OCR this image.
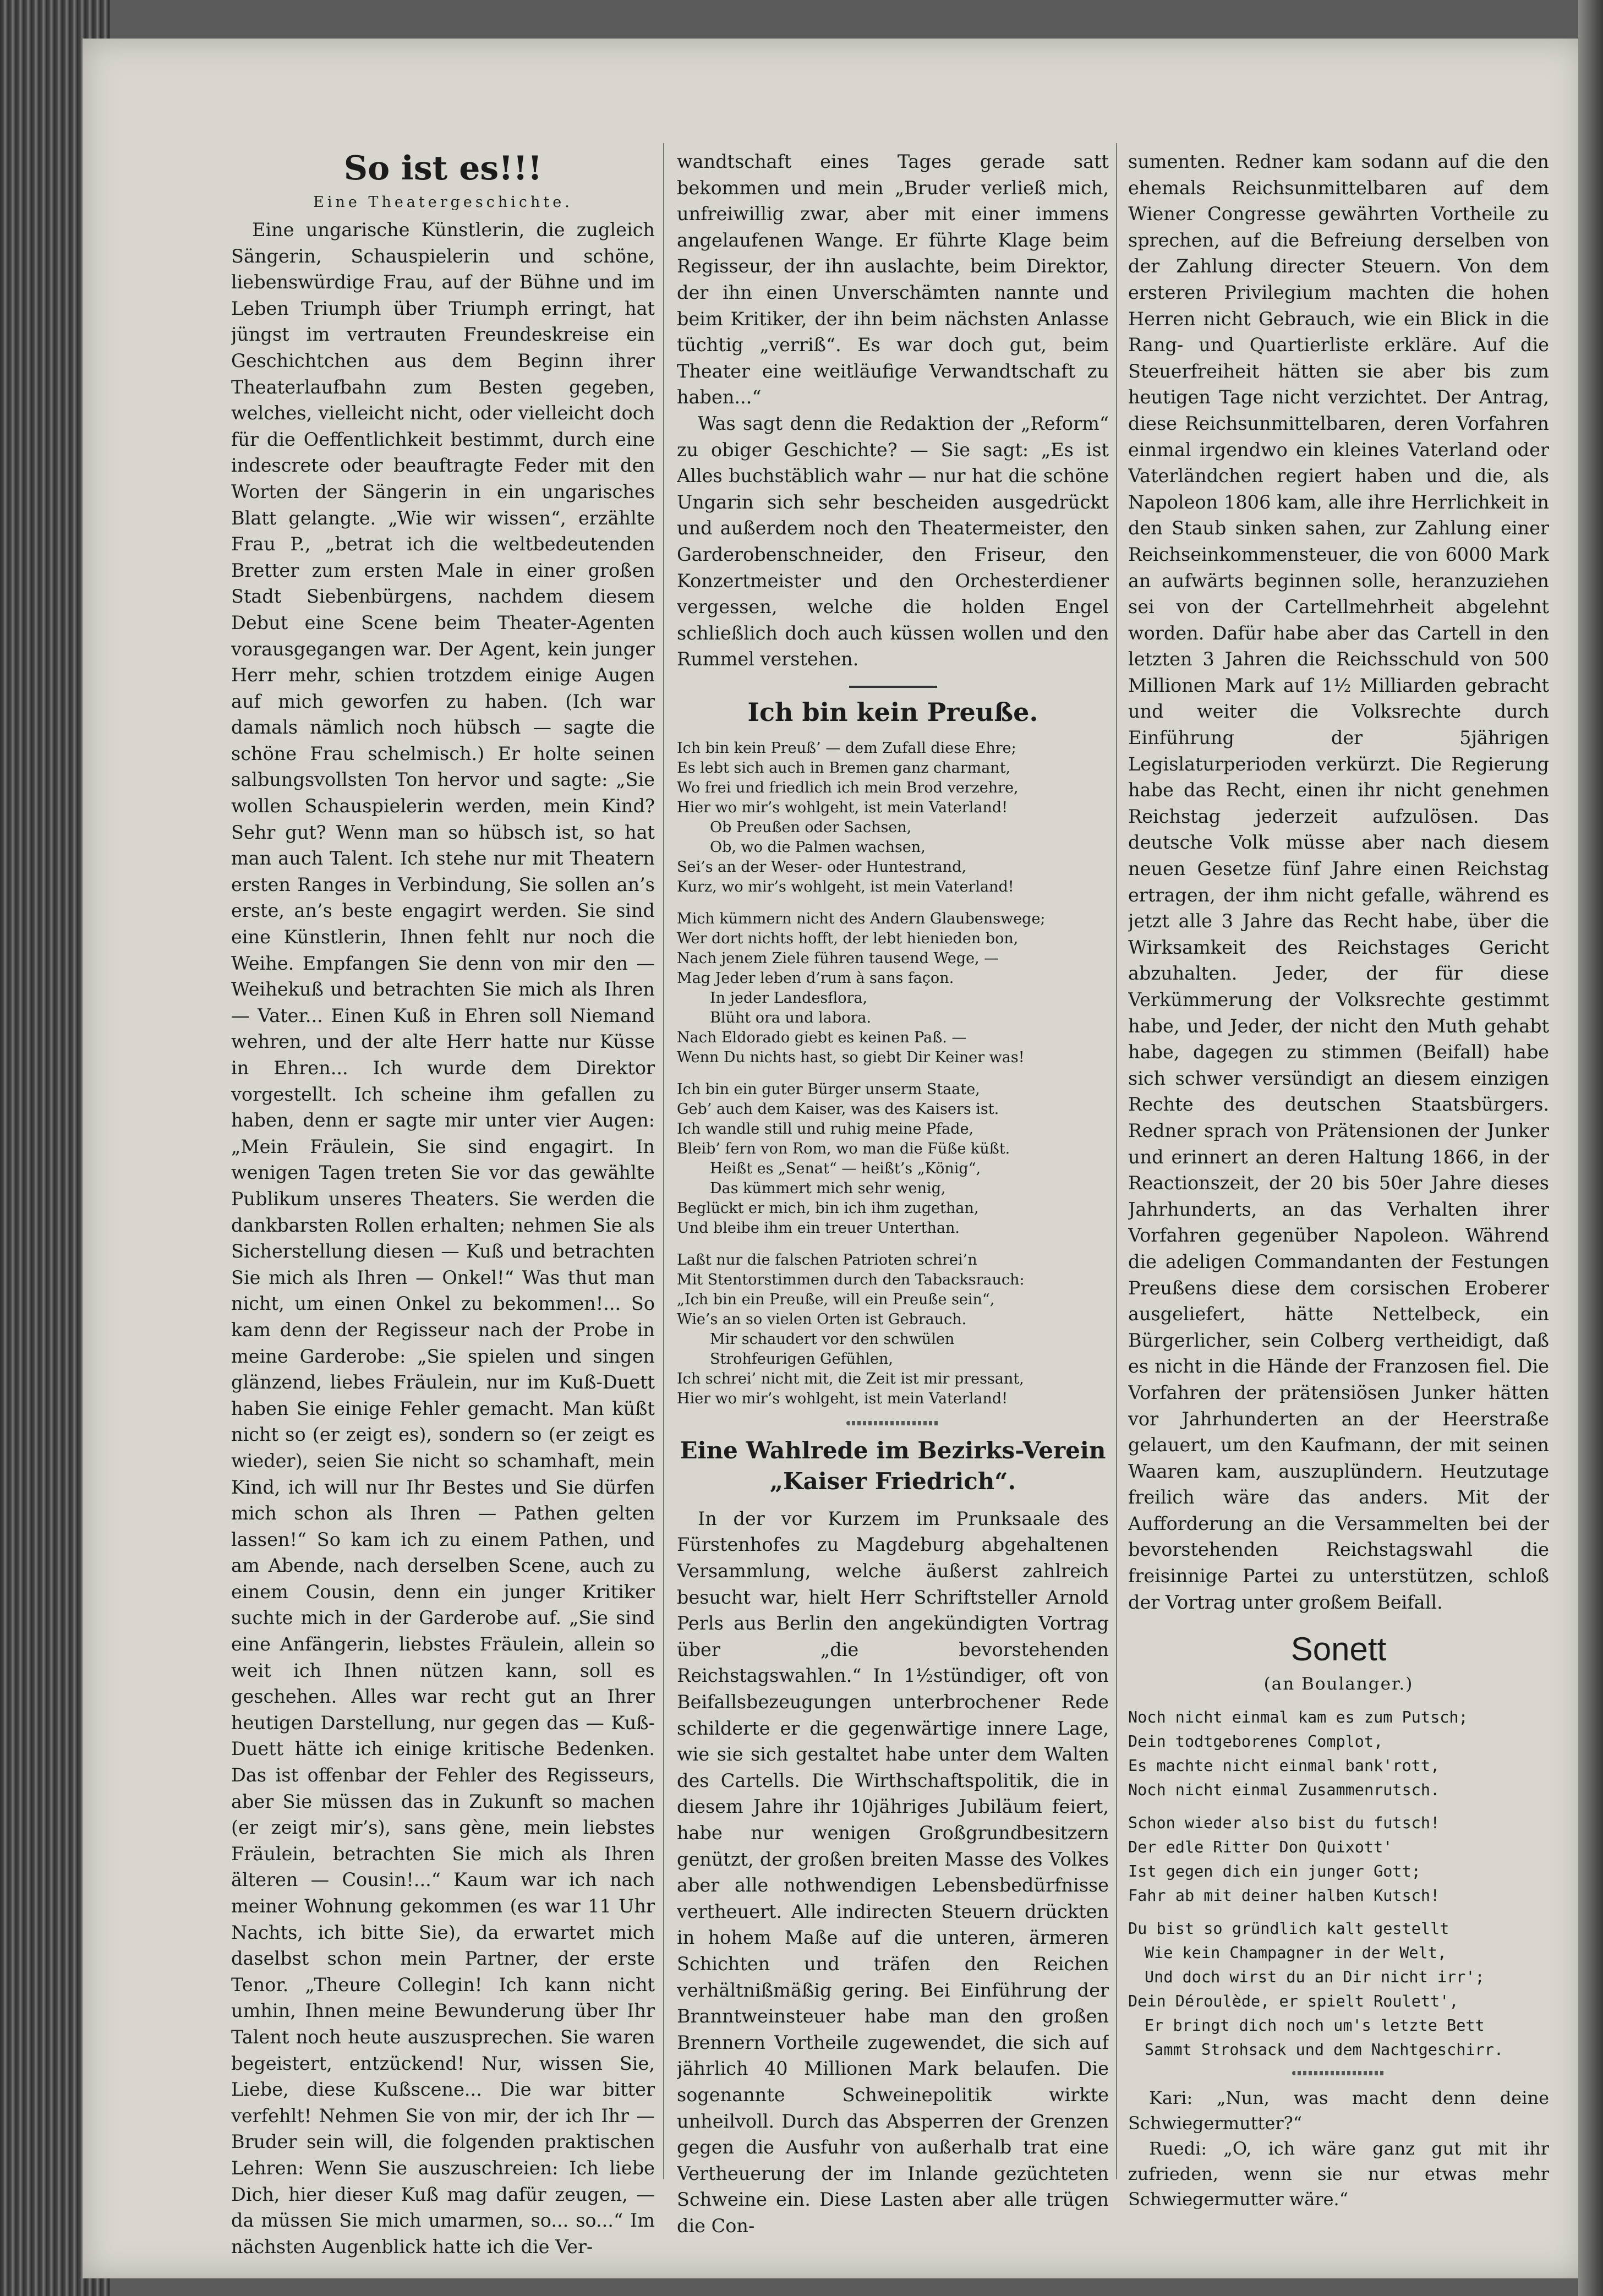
So ist es!!!
Eine Theatergeschichte.

Eine ungarische Künstlerin, die zugleich Sängerin, Schauspielerin und schöne, liebenswürdige Frau, auf der Bühne und im Leben Triumph über Triumph erringt, hat jüngst im vertrauten Freundeskreise ein Geschichtchen aus dem Beginn ihrer Theaterlaufbahn zum Besten gegeben, welches, vielleicht nicht, oder vielleicht doch für die Oeffentlichkeit bestimmt, durch eine indescrete oder beauftragte Feder mit den Worten der Sängerin in ein ungarisches Blatt gelangte. „Wie wir wissen“, erzählte Frau P., „betrat ich die weltbedeutenden Bretter zum ersten Male in einer großen Stadt Siebenbürgens, nachdem diesem Debut eine Scene beim Theater-Agenten vorausgegangen war. Der Agent, kein junger Herr mehr, schien trotzdem einige Augen auf mich geworfen zu haben. (Ich war damals nämlich noch hübsch — sagte die schöne Frau schelmisch.) Er holte seinen salbungsvollsten Ton hervor und sagte: „Sie wollen Schauspielerin werden, mein Kind? Sehr gut? Wenn man so hübsch ist, so hat man auch Talent. Ich stehe nur mit Theatern ersten Ranges in Verbindung, Sie sollen an’s erste, an’s beste engagirt werden. Sie sind eine Künstlerin, Ihnen fehlt nur noch die Weihe. Empfangen Sie denn von mir den — Weihekuß und betrachten Sie mich als Ihren — Vater... Einen Kuß in Ehren soll Niemand wehren, und der alte Herr hatte nur Küsse in Ehren... Ich wurde dem Direktor vorgestellt. Ich scheine ihm gefallen zu haben, denn er sagte mir unter vier Augen: „Mein Fräulein, Sie sind engagirt. In wenigen Tagen treten Sie vor das gewählte Publikum unseres Theaters. Sie werden die dankbarsten Rollen erhalten; nehmen Sie als Sicherstellung diesen — Kuß und betrachten Sie mich als Ihren — Onkel!“ Was thut man nicht, um einen Onkel zu bekommen!... So kam denn der Regisseur nach der Probe in meine Garderobe: „Sie spielen und singen glänzend, liebes Fräulein, nur im Kuß-Duett haben Sie einige Fehler gemacht. Man küßt nicht so (er zeigt es), sondern so (er zeigt es wieder), seien Sie nicht so schamhaft, mein Kind, ich will nur Ihr Bestes und Sie dürfen mich schon als Ihren — Pathen gelten lassen!“ So kam ich zu einem Pathen, und am Abende, nach derselben Scene, auch zu einem Cousin, denn ein junger Kritiker suchte mich in der Garderobe auf. „Sie sind eine Anfängerin, liebstes Fräulein, allein so weit ich Ihnen nützen kann, soll es geschehen. Alles war recht gut an Ihrer heutigen Darstellung, nur gegen das — Kuß-Duett hätte ich einige kritische Bedenken. Das ist offenbar der Fehler des Regisseurs, aber Sie müssen das in Zukunft so machen (er zeigt mir’s), sans gène, mein liebstes Fräulein, betrachten Sie mich als Ihren älteren — Cousin!...“ Kaum war ich nach meiner Wohnung gekommen (es war 11 Uhr Nachts, ich bitte Sie), da erwartet mich daselbst schon mein Partner, der erste Tenor. „Theure Collegin! Ich kann nicht umhin, Ihnen meine Bewunderung über Ihr Talent noch heute auszusprechen. Sie waren begeistert, entzückend! Nur, wissen Sie, Liebe, diese Kußscene... Die war bitter verfehlt! Nehmen Sie von mir, der ich Ihr — Bruder sein will, die folgenden praktischen Lehren: Wenn Sie auszuschreien: Ich liebe Dich, hier dieser Kuß mag dafür zeugen, — da müssen Sie mich umarmen, so... so...“ Im nächsten Augenblick hatte ich die Ver-

wandtschaft eines Tages gerade satt bekommen und mein „Bruder verließ mich, unfreiwillig zwar, aber mit einer immens angelaufenen Wange. Er führte Klage beim Regisseur, der ihn auslachte, beim Direktor, der ihn einen Unverschämten nannte und beim Kritiker, der ihn beim nächsten Anlasse tüchtig „verriß“. Es war doch gut, beim Theater eine weitläufige Verwandtschaft zu haben...“

Was sagt denn die Redaktion der „Reform“ zu obiger Geschichte? — Sie sagt: „Es ist Alles buchstäblich wahr — nur hat die schöne Ungarin sich sehr bescheiden ausgedrückt und außerdem noch den Theatermeister, den Garderobenschneider, den Friseur, den Konzertmeister und den Orchesterdiener vergessen, welche die holden Engel schließlich doch auch küssen wollen und den Rummel verstehen.

Ich bin kein Preuße.
Ich bin kein Preuß’ — dem Zufall diese Ehre;
Es lebt sich auch in Bremen ganz charmant,
Wo frei und friedlich ich mein Brod verzehre,
Hier wo mir’s wohlgeht, ist mein Vaterland!
Ob Preußen oder Sachsen,
Ob, wo die Palmen wachsen,
Sei’s an der Weser- oder Huntestrand,
Kurz, wo mir’s wohlgeht, ist mein Vaterland!
Mich kümmern nicht des Andern Glaubenswege;
Wer dort nichts hofft, der lebt hienieden bon,
Nach jenem Ziele führen tausend Wege, —
Mag Jeder leben d’rum à sans façon.
In jeder Landesflora,
Blüht ora und labora.
Nach Eldorado giebt es keinen Paß. —
Wenn Du nichts hast, so giebt Dir Keiner was!
Ich bin ein guter Bürger unserm Staate,
Geb’ auch dem Kaiser, was des Kaisers ist.
Ich wandle still und ruhig meine Pfade,
Bleib’ fern von Rom, wo man die Füße küßt.
Heißt es „Senat“ — heißt’s „König“,
Das kümmert mich sehr wenig,
Beglückt er mich, bin ich ihm zugethan,
Und bleibe ihm ein treuer Unterthan.
Laßt nur die falschen Patrioten schrei’n
Mit Stentorstimmen durch den Tabacksrauch:
„Ich bin ein Preuße, will ein Preuße sein“,
Wie’s an so vielen Orten ist Gebrauch.
Mir schaudert vor den schwülen
Strohfeurigen Gefühlen,
Ich schrei’ nicht mit, die Zeit ist mir pressant,
Hier wo mir’s wohlgeht, ist mein Vaterland!
Eine Wahlrede im Bezirks-Verein
„Kaiser Friedrich“.

In der vor Kurzem im Prunksaale des Fürstenhofes zu Magdeburg abgehaltenen Versammlung, welche äußerst zahlreich besucht war, hielt Herr Schriftsteller Arnold Perls aus Berlin den angekündigten Vortrag über „die bevorstehenden Reichstagswahlen.“ In 1½stündiger, oft von Beifallsbezeugungen unterbrochener Rede schilderte er die gegenwärtige innere Lage, wie sie sich gestaltet habe unter dem Walten des Cartells. Die Wirthschaftspolitik, die in diesem Jahre ihr 10jähriges Jubiläum feiert, habe nur wenigen Großgrundbesitzern genützt, der großen breiten Masse des Volkes aber alle nothwendigen Lebensbedürfnisse vertheuert. Alle indirecten Steuern drückten in hohem Maße auf die unteren, ärmeren Schichten und träfen den Reichen verhältnißmäßig gering. Bei Einführung der Branntweinsteuer habe man den großen Brennern Vortheile zugewendet, die sich auf jährlich 40 Millionen Mark belaufen. Die sogenannte Schweinepolitik wirkte unheilvoll. Durch das Absperren der Grenzen gegen die Ausfuhr von außerhalb trat eine Vertheuerung der im Inlande gezüchteten Schweine ein. Diese Lasten aber alle trügen die Con-

sumenten. Redner kam sodann auf die den ehemals Reichsunmittelbaren auf dem Wiener Congresse gewährten Vortheile zu sprechen, auf die Befreiung derselben von der Zahlung directer Steuern. Von dem ersteren Privilegium machten die hohen Herren nicht Gebrauch, wie ein Blick in die Rang- und Quartierliste erkläre. Auf die Steuerfreiheit hätten sie aber bis zum heutigen Tage nicht verzichtet. Der Antrag, diese Reichsunmittelbaren, deren Vorfahren einmal irgendwo ein kleines Vaterland oder Vaterländchen regiert haben und die, als Napoleon 1806 kam, alle ihre Herrlichkeit in den Staub sinken sahen, zur Zahlung einer Reichseinkommensteuer, die von 6000 Mark an aufwärts beginnen solle, heranzuziehen sei von der Cartellmehrheit abgelehnt worden. Dafür habe aber das Cartell in den letzten 3 Jahren die Reichsschuld von 500 Millionen Mark auf 1½ Milliarden gebracht und weiter die Volksrechte durch Einführung der 5jährigen Legislaturperioden verkürzt. Die Regierung habe das Recht, einen ihr nicht genehmen Reichstag jederzeit aufzulösen. Das deutsche Volk müsse aber nach diesem neuen Gesetze fünf Jahre einen Reichstag ertragen, der ihm nicht gefalle, während es jetzt alle 3 Jahre das Recht habe, über die Wirksamkeit des Reichstages Gericht abzuhalten. Jeder, der für diese Verkümmerung der Volksrechte gestimmt habe, und Jeder, der nicht den Muth gehabt habe, dagegen zu stimmen (Beifall) habe sich schwer versündigt an diesem einzigen Rechte des deutschen Staatsbürgers. Redner sprach von Prätensionen der Junker und erinnert an deren Haltung 1866, in der Reactionszeit, der 20 bis 50er Jahre dieses Jahrhunderts, an das Verhalten ihrer Vorfahren gegenüber Napoleon. Während die adeligen Commandanten der Festungen Preußens diese dem corsischen Eroberer ausgeliefert, hätte Nettelbeck, ein Bürgerlicher, sein Colberg vertheidigt, daß es nicht in die Hände der Franzosen fiel. Die Vorfahren der prätensiösen Junker hätten vor Jahrhunderten an der Heerstraße gelauert, um den Kaufmann, der mit seinen Waaren kam, auszuplündern. Heutzutage freilich wäre das anders. Mit der Aufforderung an die Versammelten bei der bevorstehenden Reichstagswahl die freisinnige Partei zu unterstützen, schloß der Vortrag unter großem Beifall.

Sonett
(an Boulanger.)
Noch nicht einmal kam es zum Putsch;
Dein todtgeborenes Complot,
Es machte nicht einmal bank'rott,
Noch nicht einmal Zusammenrutsch.
Schon wieder also bist du futsch!
Der edle Ritter Don Quixott'
Ist gegen dich ein junger Gott;
Fahr ab mit deiner halben Kutsch!
Du bist so gründlich kalt gestellt
Wie kein Champagner in der Welt,
Und doch wirst du an Dir nicht irr';
Dein Déroulède, er spielt Roulett',
Er bringt dich noch um's letzte Bett
Sammt Strohsack und dem Nachtgeschirr.

Kari: „Nun, was macht denn deine Schwiegermutter?“

Ruedi: „O, ich wäre ganz gut mit ihr zufrieden, wenn sie nur etwas mehr Schwiegermutter wäre.“
